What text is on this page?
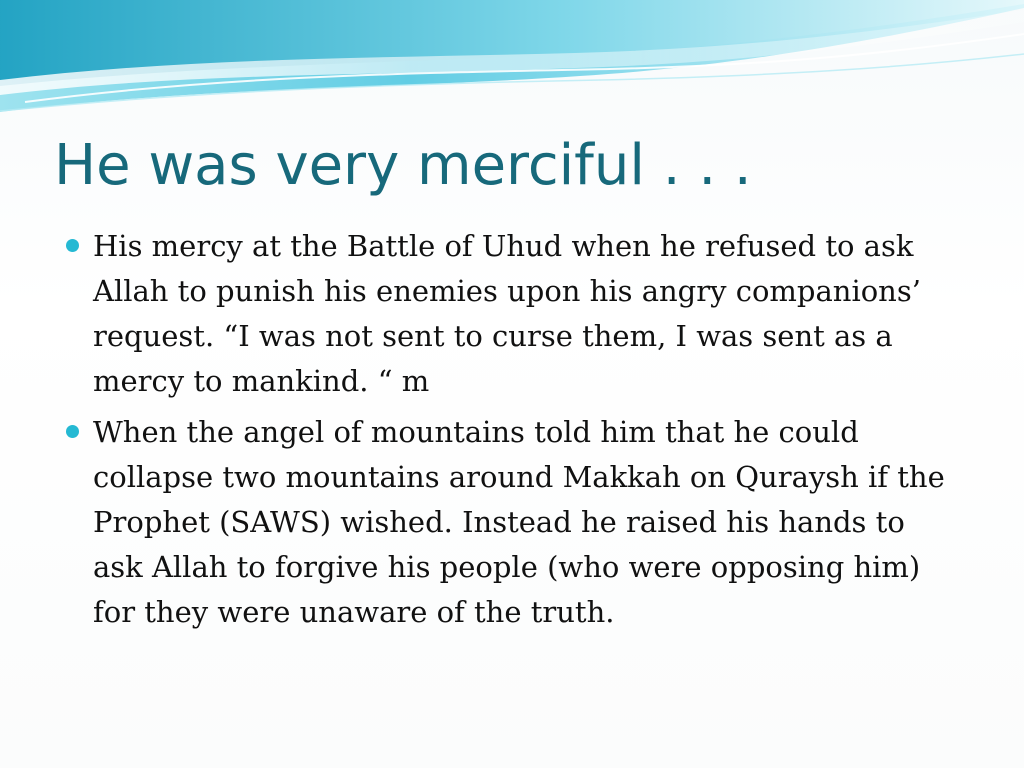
He was very merciful . . .
His mercy at the Battle of Uhud when he refused to ask Allah to punish his enemies upon his angry companions’ request. “I was not sent to curse them, I was sent as a mercy to mankind. “ m
When the angel of mountains told him that he could collapse two mountains around Makkah on Quraysh if the Prophet (SAWS) wished. Instead he raised his hands to ask Allah to forgive his people (who were opposing him) for they were unaware of the truth.
